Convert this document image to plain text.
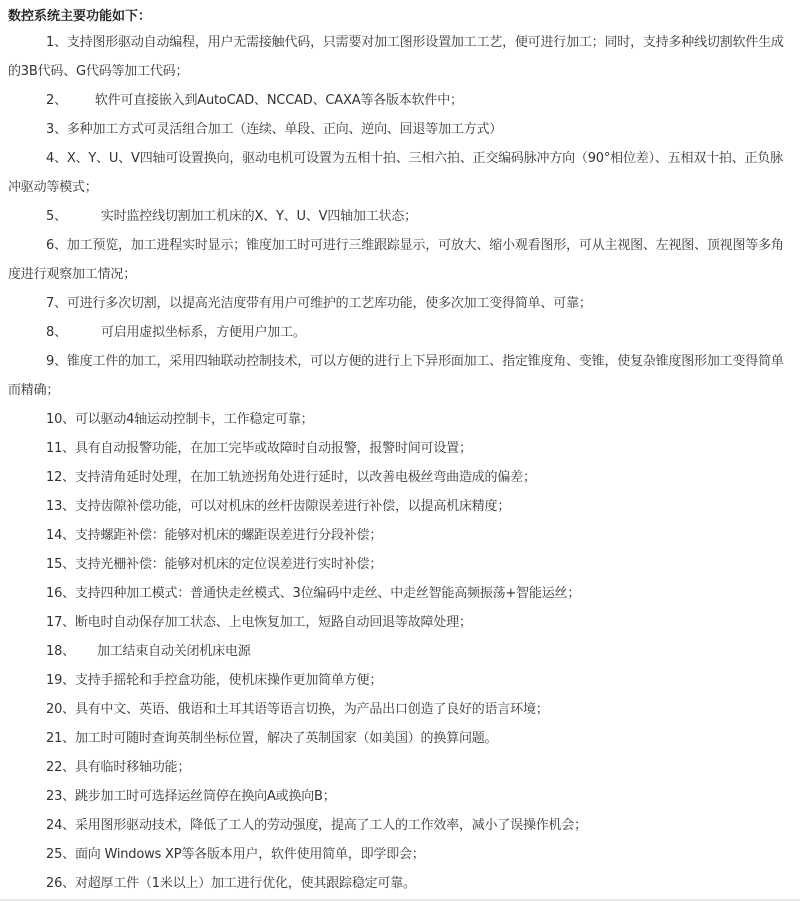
数控系统主要功能如下：
1、支持图形驱动自动编程，用户无需接触代码，只需要对加工图形设置加工工艺，便可进行加工；同时，支持多种线切割软件生成的3B代码、G代码等加工代码；
2、 软件可直接嵌入到AutoCAD、NCCAD、CAXA等各版本软件中；
3、多种加工方式可灵活组合加工（连续、单段、正向、逆向、回退等加工方式）
4、X、Y、U、V四轴可设置换向，驱动电机可设置为五相十拍、三相六拍、正交编码脉冲方向（90°相位差）、五相双十拍、正负脉冲驱动等模式；
5、	实时监控线切割加工机床的X、Y、U、V四轴加工状态；
6、加工预览，加工进程实时显示；锥度加工时可进行三维跟踪显示，可放大、缩小观看图形，可从主视图、左视图、顶视图等多角度进行观察加工情况；
7、可进行多次切割，以提高光洁度带有用户可维护的工艺库功能，使多次加工变得简单、可靠；
8、	可启用虚拟坐标系，方便用户加工。
9、锥度工件的加工，采用四轴联动控制技术，可以方便的进行上下异形面加工、指定锥度角、变锥，使复杂锥度图形加工变得简单而精确；
10、可以驱动4轴运动控制卡，工作稳定可靠；
11、具有自动报警功能，在加工完毕或故障时自动报警，报警时间可设置；
12、支持清角延时处理，在加工轨迹拐角处进行延时，以改善电极丝弯曲造成的偏差；
13、支持齿隙补偿功能，可以对机床的丝杆齿隙误差进行补偿，以提高机床精度；
14、支持螺距补偿：能够对机床的螺距误差进行分段补偿；
15、支持光栅补偿：能够对机床的定位误差进行实时补偿；
16、支持四种加工模式：普通快走丝模式、3位编码中走丝、中走丝智能高频振荡+智能运丝；
17、断电时自动保存加工状态、上电恢复加工，短路自动回退等故障处理；
18、 加工结束自动关闭机床电源
19、支持手摇轮和手控盒功能，使机床操作更加简单方便；
20、具有中文、英语、俄语和土耳其语等语言切换，为产品出口创造了良好的语言环境；
21、加工时可随时查询英制坐标位置，解决了英制国家（如美国）的换算问题。
22、具有临时移轴功能；
23、跳步加工时可选择运丝筒停在换向A或换向B；
24、采用图形驱动技术，降低了工人的劳动强度，提高了工人的工作效率，减小了误操作机会；
25、面向 Windows XP等各版本用户，软件使用简单，即学即会；
26、对超厚工件（1米以上）加工进行优化，使其跟踪稳定可靠。
